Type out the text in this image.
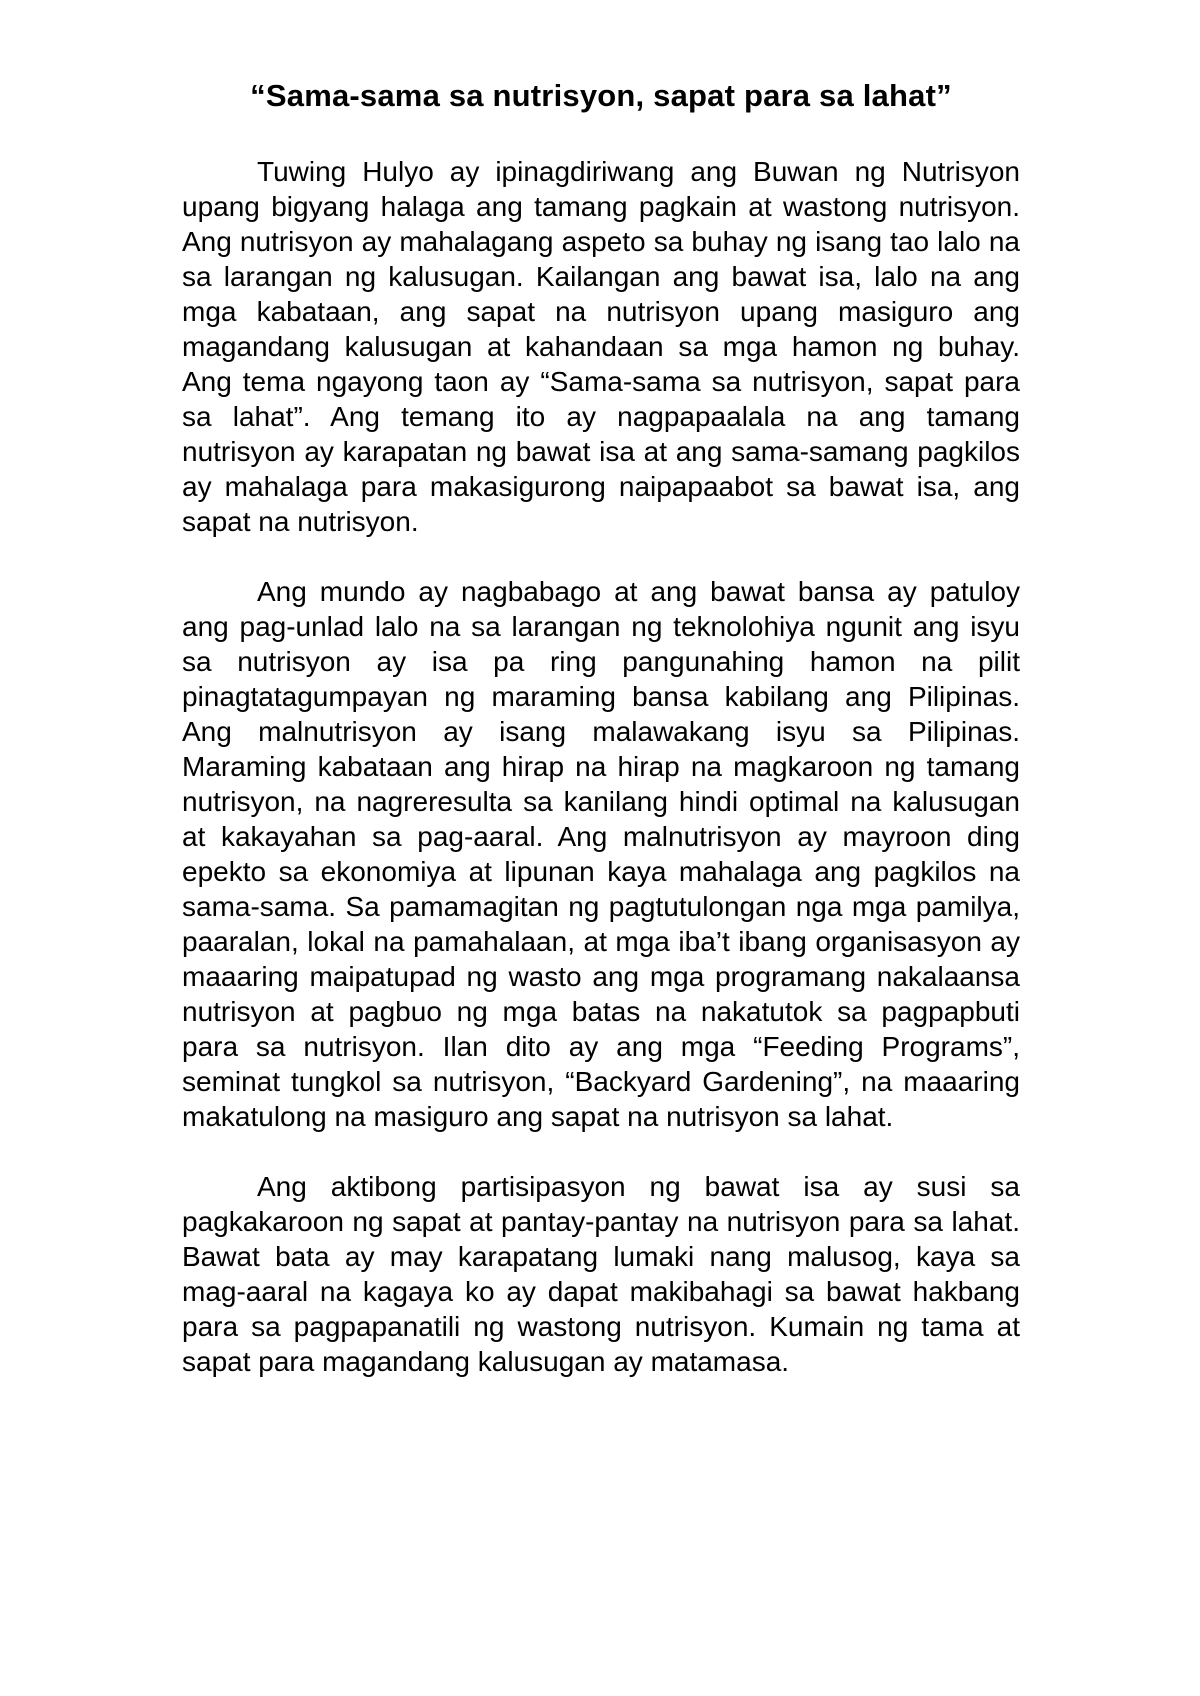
“Sama-sama sa nutrisyon, sapat para sa lahat”

Tuwing Hulyo ay ipinagdiriwang ang Buwan ng Nutrisyon upang bigyang halaga ang tamang pagkain at wastong nutrisyon. Ang nutrisyon ay mahalagang aspeto sa buhay ng isang tao lalo na sa larangan ng kalusugan. Kailangan ang bawat isa, lalo na ang mga kabataan, ang sapat na nutrisyon upang masiguro ang magandang kalusugan at kahandaan sa mga hamon ng buhay. Ang tema ngayong taon ay “Sama-sama sa nutrisyon, sapat para sa lahat”. Ang temang ito ay nagpapaalala na ang tamang nutrisyon ay karapatan ng bawat isa at ang sama-samang pagkilos ay mahalaga para makasigurong naipapaabot sa bawat isa, ang sapat na nutrisyon.

Ang mundo ay nagbabago at ang bawat bansa ay patuloy ang pag-unlad lalo na sa larangan ng teknolohiya ngunit ang isyu sa nutrisyon ay isa pa ring pangunahing hamon na pilit pinagtatagumpayan ng maraming bansa kabilang ang Pilipinas. Ang malnutrisyon ay isang malawakang isyu sa Pilipinas. Maraming kabataan ang hirap na hirap na magkaroon ng tamang nutrisyon, na nagreresulta sa kanilang hindi optimal na kalusugan at kakayahan sa pag-aaral. Ang malnutrisyon ay mayroon ding epekto sa ekonomiya at lipunan kaya mahalaga ang pagkilos na sama-sama. Sa pamamagitan ng pagtutulongan nga mga pamilya, paaralan, lokal na pamahalaan, at mga iba’t ibang organisasyon ay maaaring maipatupad ng wasto ang mga programang nakalaansa nutrisyon at pagbuo ng mga batas na nakatutok sa pagpapbuti para sa nutrisyon. Ilan dito ay ang mga “Feeding Programs”, seminat tungkol sa nutrisyon, “Backyard Gardening”, na maaaring makatulong na masiguro ang sapat na nutrisyon sa lahat.

Ang aktibong partisipasyon ng bawat isa ay susi sa pagkakaroon ng sapat at pantay-pantay na nutrisyon para sa lahat. Bawat bata ay may karapatang lumaki nang malusog, kaya sa mag-aaral na kagaya ko ay dapat makibahagi sa bawat hakbang para sa pagpapanatili ng wastong nutrisyon. Kumain ng tama at sapat para magandang kalusugan ay matamasa.
